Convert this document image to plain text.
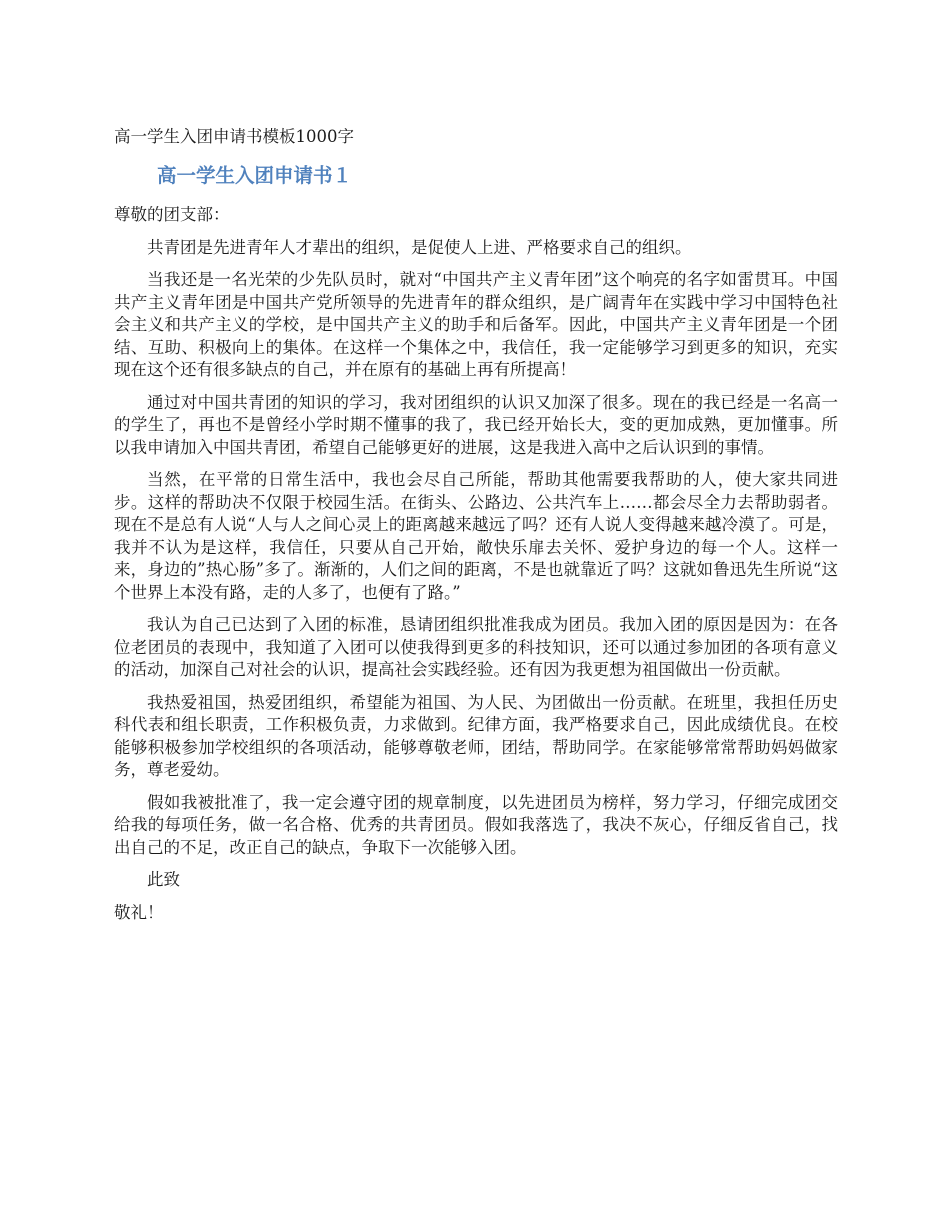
高一学生入团申请书模板1000字
高一学生入团申请书１

尊敬的团支部：

共青团是先进青年人才辈出的组织，是促使人上进、严格要求自己的组织。

当我还是一名光荣的少先队员时，就对“中国共产主义青年团”这个响亮的名字如雷贯耳。中国共产主义青年团是中国共产党所领导的先进青年的群众组织，是广阔青年在实践中学习中国特色社会主义和共产主义的学校，是中国共产主义的助手和后备军。因此，中国共产主义青年团是一个团结、互助、积极向上的集体。在这样一个集体之中，我信任，我一定能够学习到更多的知识，充实现在这个还有很多缺点的自己，并在原有的基础上再有所提高！

通过对中国共青团的知识的学习，我对团组织的认识又加深了很多。现在的我已经是一名高一的学生了，再也不是曾经小学时期不懂事的我了，我已经开始长大，变的更加成熟，更加懂事。所以我申请加入中国共青团，希望自己能够更好的进展，这是我进入高中之后认识到的事情。

当然，在平常的日常生活中，我也会尽自己所能，帮助其他需要我帮助的人，使大家共同进步。这样的帮助决不仅限于校园生活。在街头、公路边、公共汽车上……都会尽全力去帮助弱者。现在不是总有人说“人与人之间心灵上的距离越来越远了吗？还有人说人变得越来越冷漠了。可是，我并不认为是这样，我信任，只要从自己开始，敞快乐扉去关怀、爱护身边的每一个人。这样一来，身边的”热心肠”多了。渐渐的，人们之间的距离，不是也就靠近了吗？这就如鲁迅先生所说“这个世界上本没有路，走的人多了，也便有了路。”

我认为自己已达到了入团的标准，恳请团组织批准我成为团员。我加入团的原因是因为：在各位老团员的表现中，我知道了入团可以使我得到更多的科技知识，还可以通过参加团的各项有意义的活动，加深自己对社会的认识，提高社会实践经验。还有因为我更想为祖国做出一份贡献。

我热爱祖国，热爱团组织，希望能为祖国、为人民、为团做出一份贡献。在班里，我担任历史科代表和组长职责，工作积极负责，力求做到。纪律方面，我严格要求自己，因此成绩优良。在校能够积极参加学校组织的各项活动，能够尊敬老师，团结，帮助同学。在家能够常常帮助妈妈做家务，尊老爱幼。

假如我被批准了，我一定会遵守团的规章制度，以先进团员为榜样，努力学习，仔细完成团交给我的每项任务，做一名合格、优秀的共青团员。假如我落选了，我决不灰心，仔细反省自己，找出自己的不足，改正自己的缺点，争取下一次能够入团。

此致

敬礼！
